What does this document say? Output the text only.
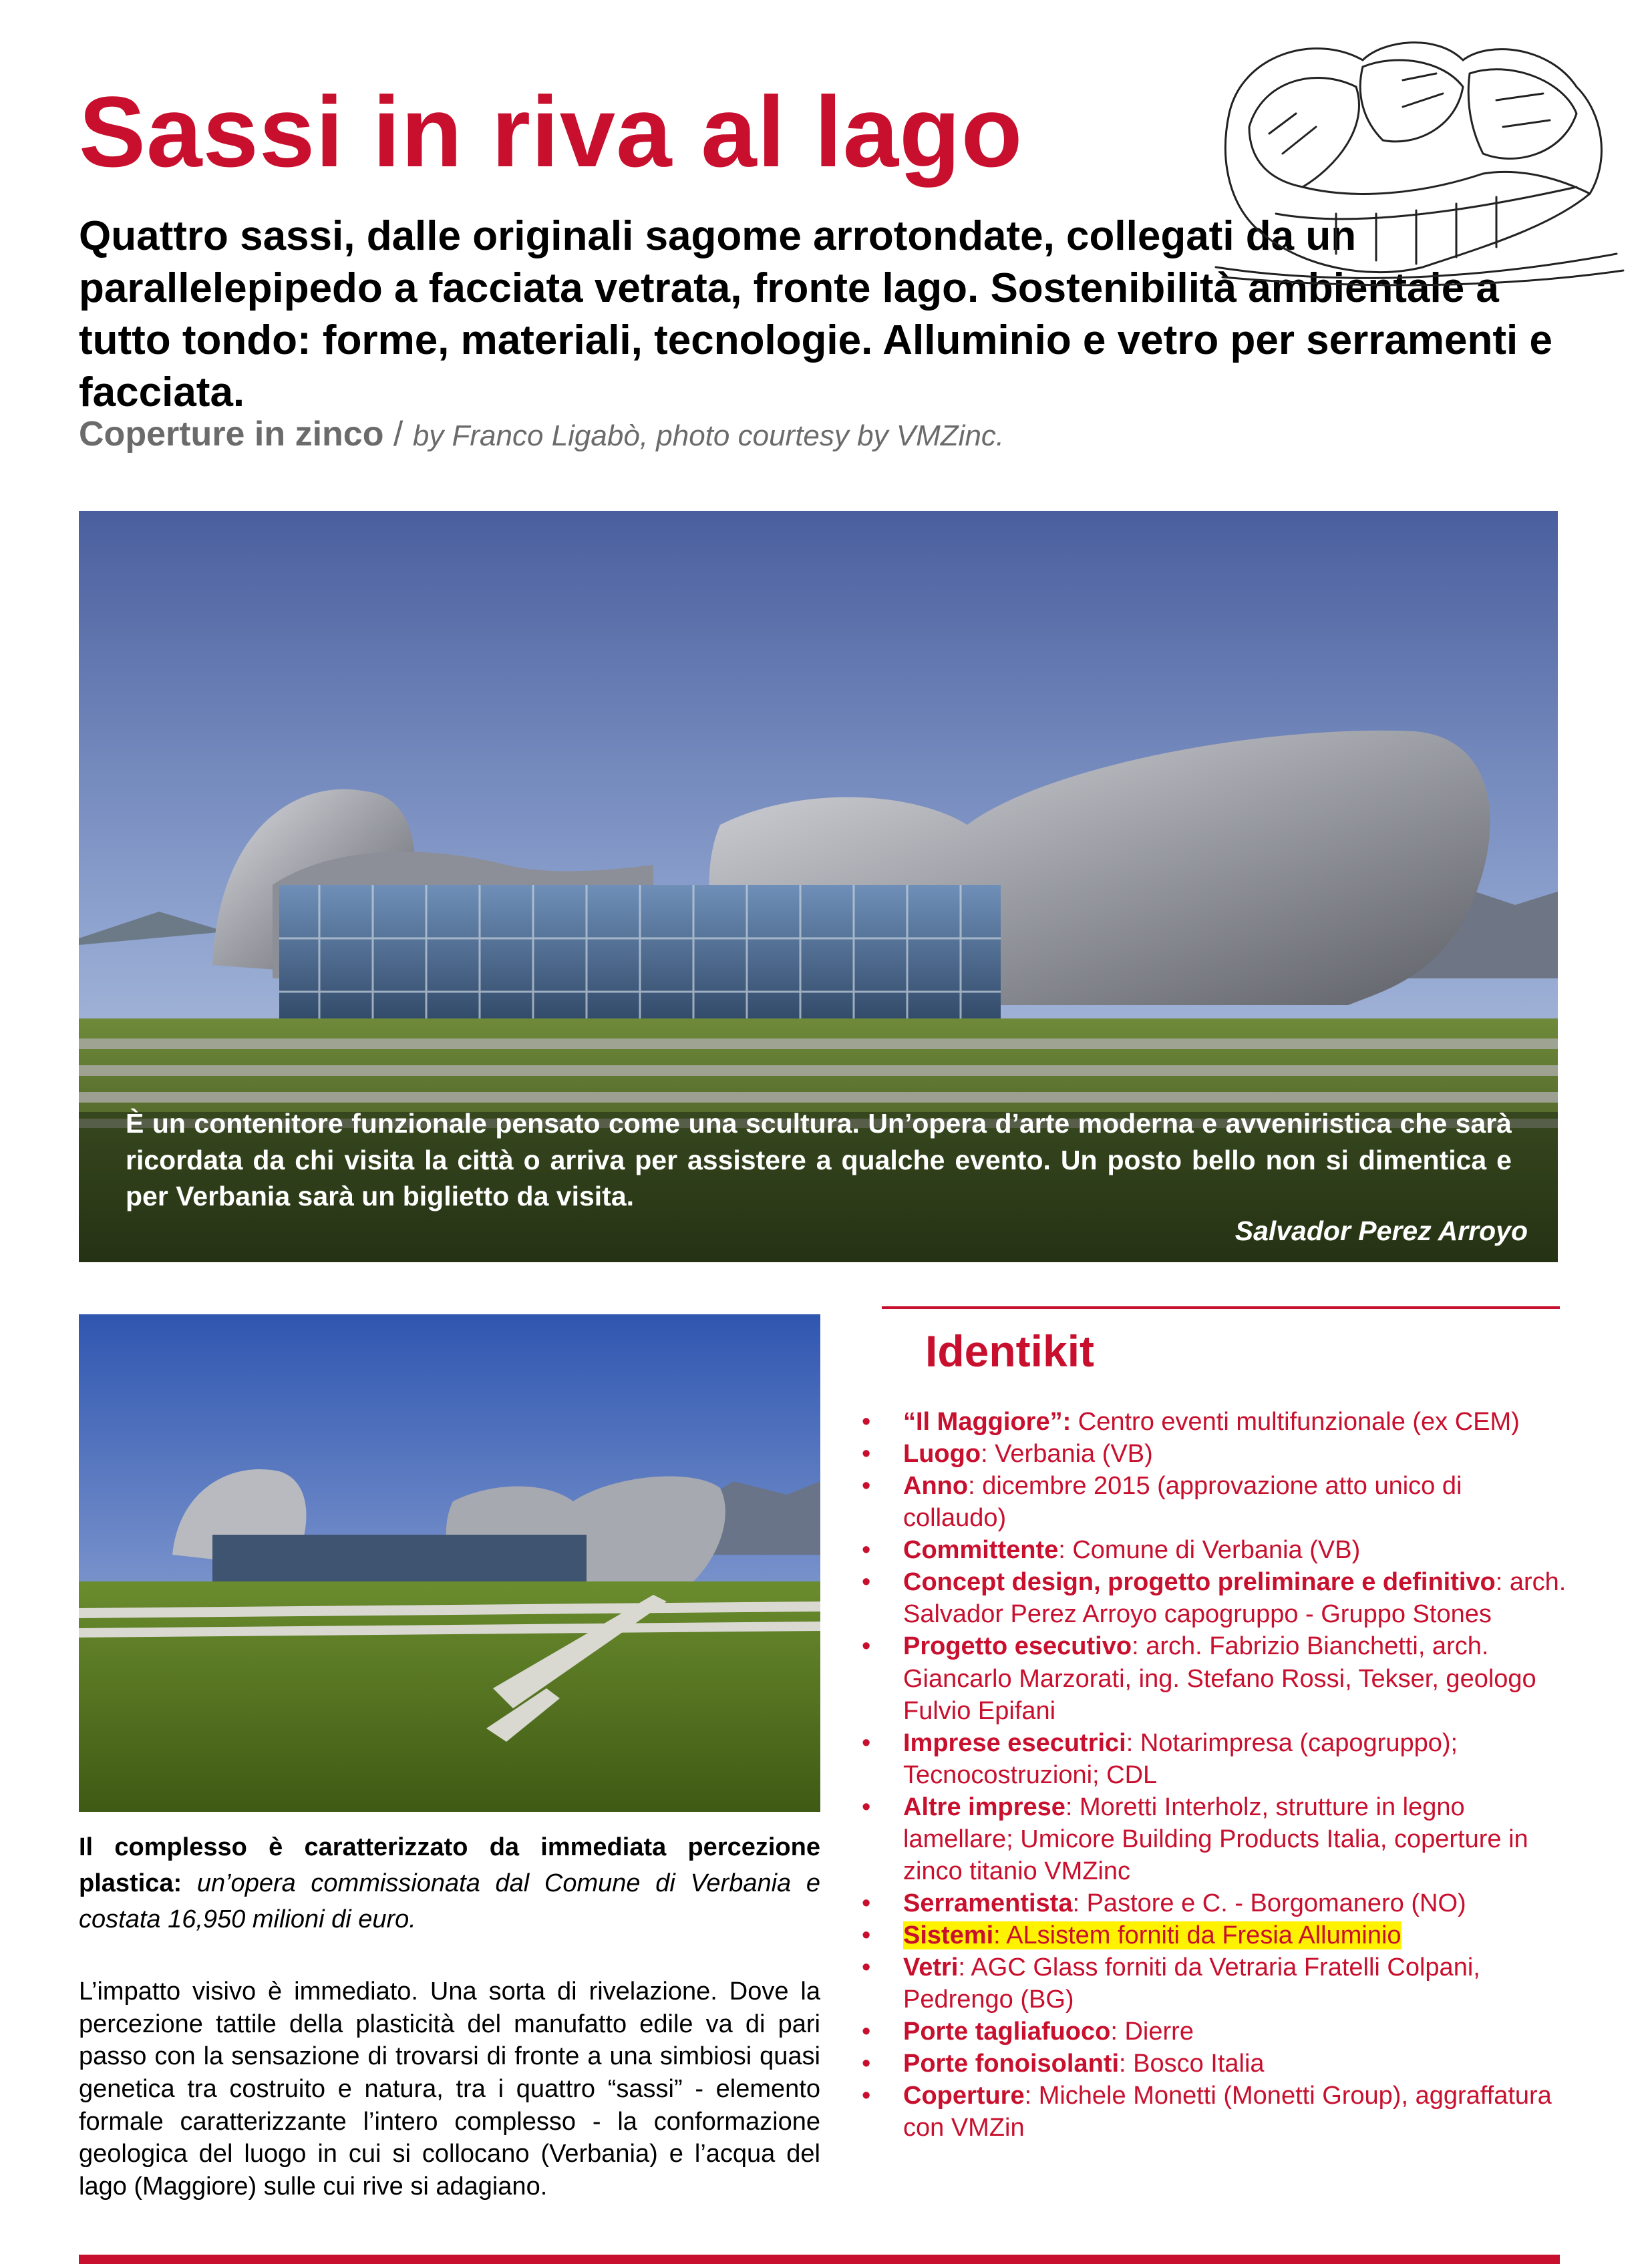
Sassi in riva al lago

Quattro sassi, dalle originali sagome arrotondate, collegati da un parallelepipedo a facciata vetrata, fronte lago. Sostenibilità ambientale a tutto tondo: forme, materiali, tecnologie. Alluminio e vetro per serramenti e facciata.

Coperture in zinco / by Franco Ligabò, photo courtesy by VMZinc.
È un contenitore funzionale pensato come una scultura. Un’opera d’arte moderna e avveniristica che sarà ricordata da chi visita la città o arriva per assistere a qualche evento. Un posto bello non si dimentica e per Verbania sarà un biglietto da visita.
Salvador Perez Arroyo
Il complesso è caratterizzato da immediata percezione plastica: un’opera commissionata dal Comune di Verbania e costata 16,950 milioni di euro.
L’impatto visivo è immediato. Una sorta di rivelazione. Dove la percezione tattile della plasticità del manufatto edile va di pari passo con la sensazione di trovarsi di fronte a una simbiosi quasi genetica tra costruito e natura, tra i quattro “sassi” - elemento formale caratterizzante l’intero complesso - la conformazione geologica del luogo in cui si collocano (Verbania) e l’acqua del lago (Maggiore) sulle cui rive si adagiano.
Identikit
• “Il Maggiore”: Centro eventi multifunzionale (ex CEM)
• Luogo: Verbania (VB)
• Anno: dicembre 2015 (approvazione atto unico di collaudo)
• Committente: Comune di Verbania (VB)
• Concept design, progetto preliminare e definitivo: arch. Salvador Perez Arroyo capogruppo - Gruppo Stones
• Progetto esecutivo: arch. Fabrizio Bianchetti, arch. Giancarlo Marzorati, ing. Stefano Rossi, Tekser, geologo Fulvio Epifani
• Imprese esecutrici: Notarimpresa (capogruppo); Tecnocostruzioni; CDL
• Altre imprese: Moretti Interholz, strutture in legno lamellare; Umicore Building Products Italia, coperture in zinco titanio VMZinc
• Serramentista: Pastore e C. - Borgomanero (NO)
• Sistemi: ALsistem forniti da Fresia Alluminio
• Vetri: AGC Glass forniti da Vetraria Fratelli Colpani, Pedrengo (BG)
• Porte tagliafuoco: Dierre
• Porte fonoisolanti: Bosco Italia
• Coperture: Michele Monetti (Monetti Group), aggraffatura con VMZin
